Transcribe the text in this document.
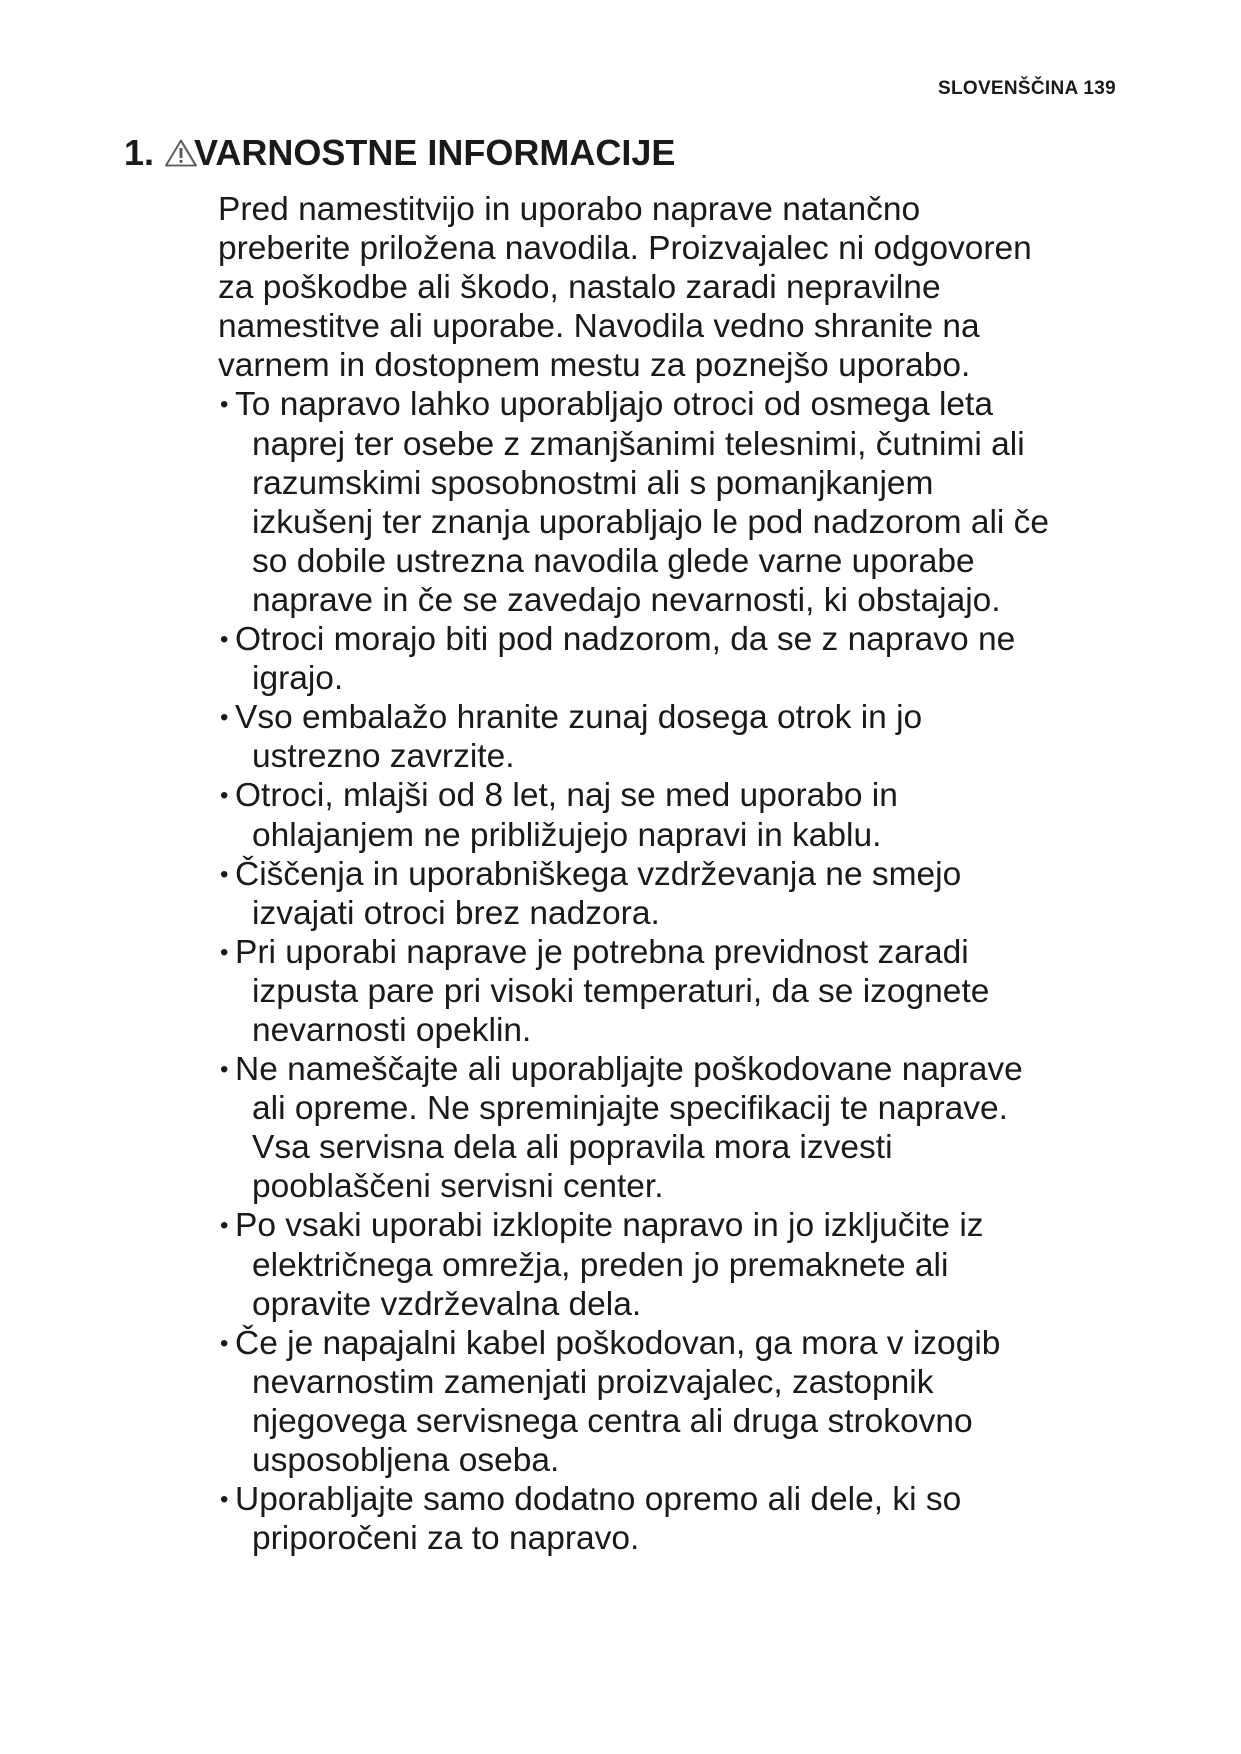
SLOVENŠČINA 139
1. VARNOSTNE INFORMACIJE

Pred namestitvijo in uporabo naprave natančno
preberite priložena navodila. Proizvajalec ni odgovoren
za poškodbe ali škodo, nastalo zaradi nepravilne
namestitve ali uporabe. Navodila vedno shranite na
varnem in dostopnem mestu za poznejšo uporabo.

• To napravo lahko uporabljajo otroci od osmega leta
naprej ter osebe z zmanjšanimi telesnimi, čutnimi ali
razumskimi sposobnostmi ali s pomanjkanjem
izkušenj ter znanja uporabljajo le pod nadzorom ali če
so dobile ustrezna navodila glede varne uporabe
naprave in če se zavedajo nevarnosti, ki obstajajo.
• Otroci morajo biti pod nadzorom, da se z napravo ne
igrajo.
• Vso embalažo hranite zunaj dosega otrok in jo
ustrezno zavrzite.
• Otroci, mlajši od 8 let, naj se med uporabo in
ohlajanjem ne približujejo napravi in kablu.
• Čiščenja in uporabniškega vzdrževanja ne smejo
izvajati otroci brez nadzora.
• Pri uporabi naprave je potrebna previdnost zaradi
izpusta pare pri visoki temperaturi, da se izognete
nevarnosti opeklin.
• Ne nameščajte ali uporabljajte poškodovane naprave
ali opreme. Ne spreminjajte specifikacij te naprave.
Vsa servisna dela ali popravila mora izvesti
pooblaščeni servisni center.
• Po vsaki uporabi izklopite napravo in jo izključite iz
električnega omrežja, preden jo premaknete ali
opravite vzdrževalna dela.
• Če je napajalni kabel poškodovan, ga mora v izogib
nevarnostim zamenjati proizvajalec, zastopnik
njegovega servisnega centra ali druga strokovno
usposobljena oseba.
• Uporabljajte samo dodatno opremo ali dele, ki so
priporočeni za to napravo.
